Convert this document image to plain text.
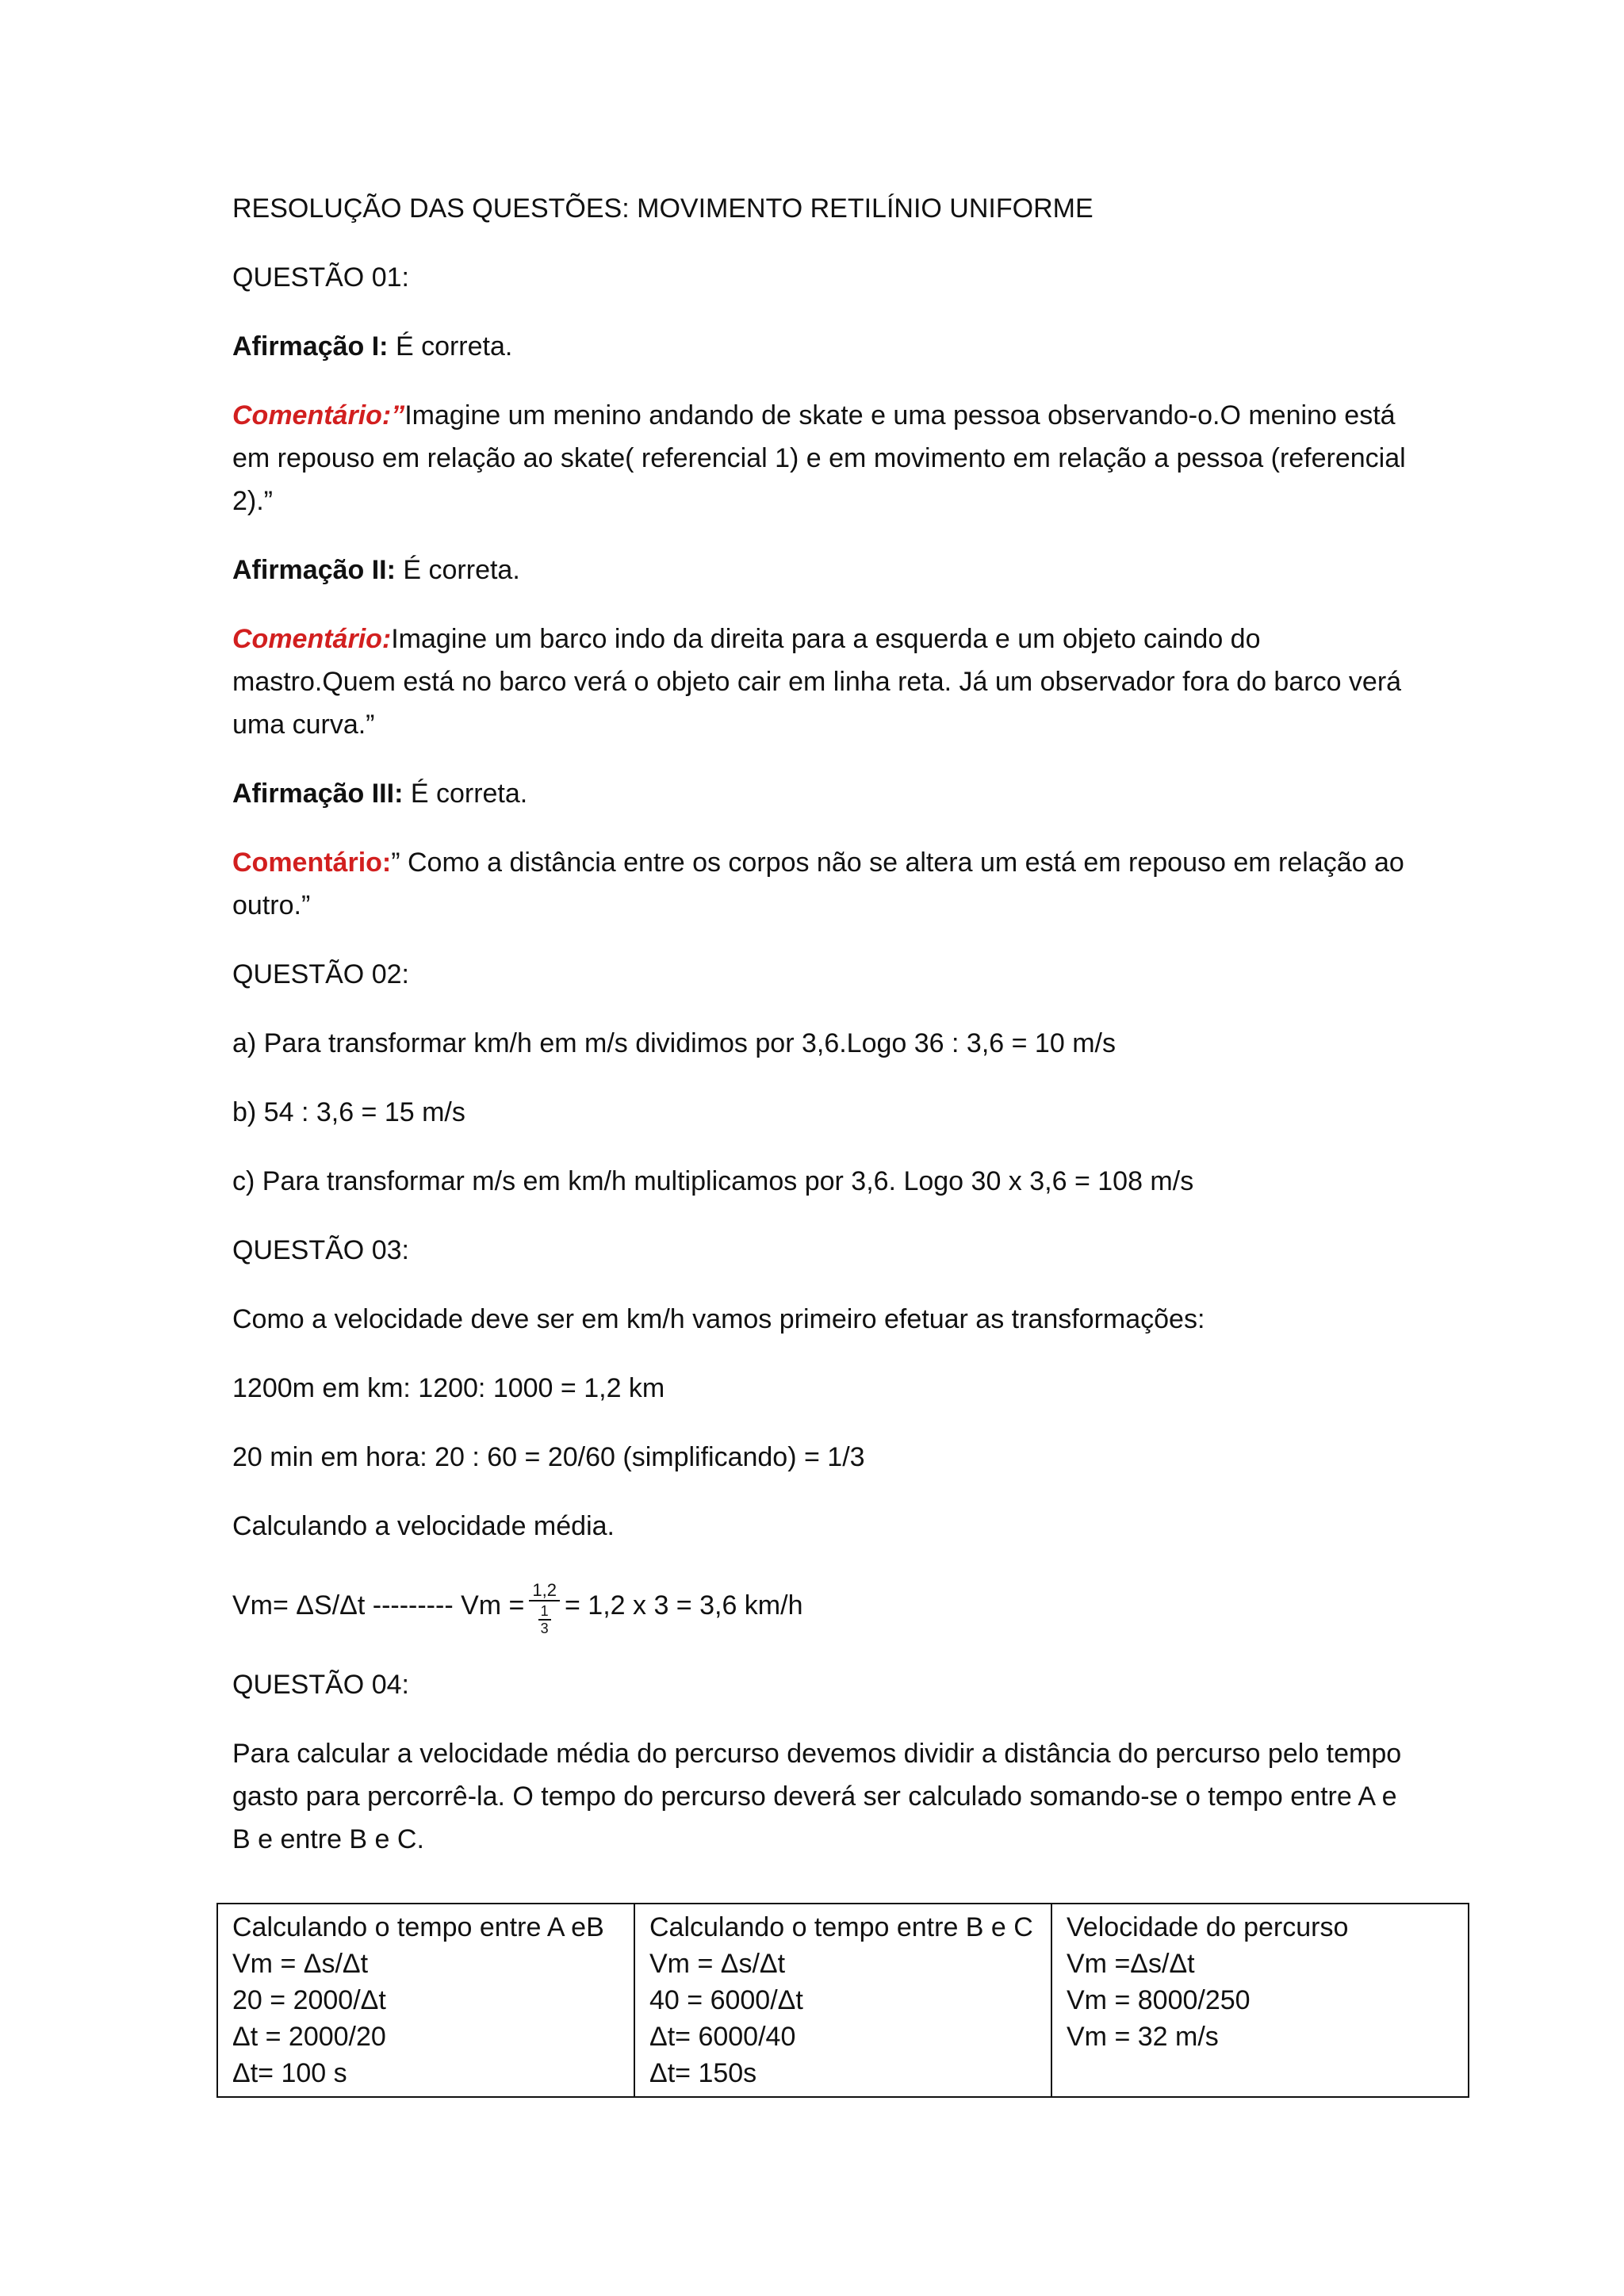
RESOLUÇÃO DAS QUESTÕES: MOVIMENTO RETILÍNIO UNIFORME

QUESTÃO 01:

Afirmação I: É correta.

Comentário:”Imagine um menino andando de skate e uma pessoa observando-o.O menino está em repouso em relação ao skate( referencial 1) e em movimento em relação a pessoa (referencial 2).”

Afirmação II: É correta.

Comentário:Imagine um barco indo da direita para a esquerda e um objeto caindo do mastro.Quem está no barco verá o objeto cair em linha reta. Já um observador fora do barco verá uma curva.”

Afirmação III: É correta.

Comentário:” Como a distância entre os corpos não se altera um está em repouso em relação ao outro.”

QUESTÃO 02:

a) Para transformar km/h em m/s dividimos por 3,6.Logo 36 : 3,6 = 10 m/s

b) 54 : 3,6 = 15 m/s

c) Para transformar m/s em km/h multiplicamos por 3,6. Logo 30 x 3,6 = 108 m/s

QUESTÃO 03:

Como a velocidade deve ser em km/h vamos primeiro efetuar as transformações:

1200m em km: 1200: 1000 = 1,2 km

20 min em hora: 20 : 60 = 20/60 (simplificando) = 1/3

Calculando a velocidade média.

Vm= ΔS/Δt --------- $Vm = \frac{1,2}{\frac{1}{3}} = 1,2$ x 3 = 3,6 km/h

QUESTÃO 04:

Para calcular a velocidade média do percurso devemos dividir a distância do percurso pelo tempo gasto para percorrê-la. O tempo do percurso deverá ser calculado somando-se o tempo entre A e B e entre B e C.

Calculando o tempo entre A eB
Vm = Δs/Δt
20 = 2000/Δt
Δt = 2000/20
Δt= 100 s

Calculando o tempo entre B e C
Vm = Δs/Δt
40 = 6000/Δt
Δt= 6000/40
Δt= 150s

Velocidade do percurso
Vm =Δs/Δt
Vm = 8000/250
Vm = 32 m/s
